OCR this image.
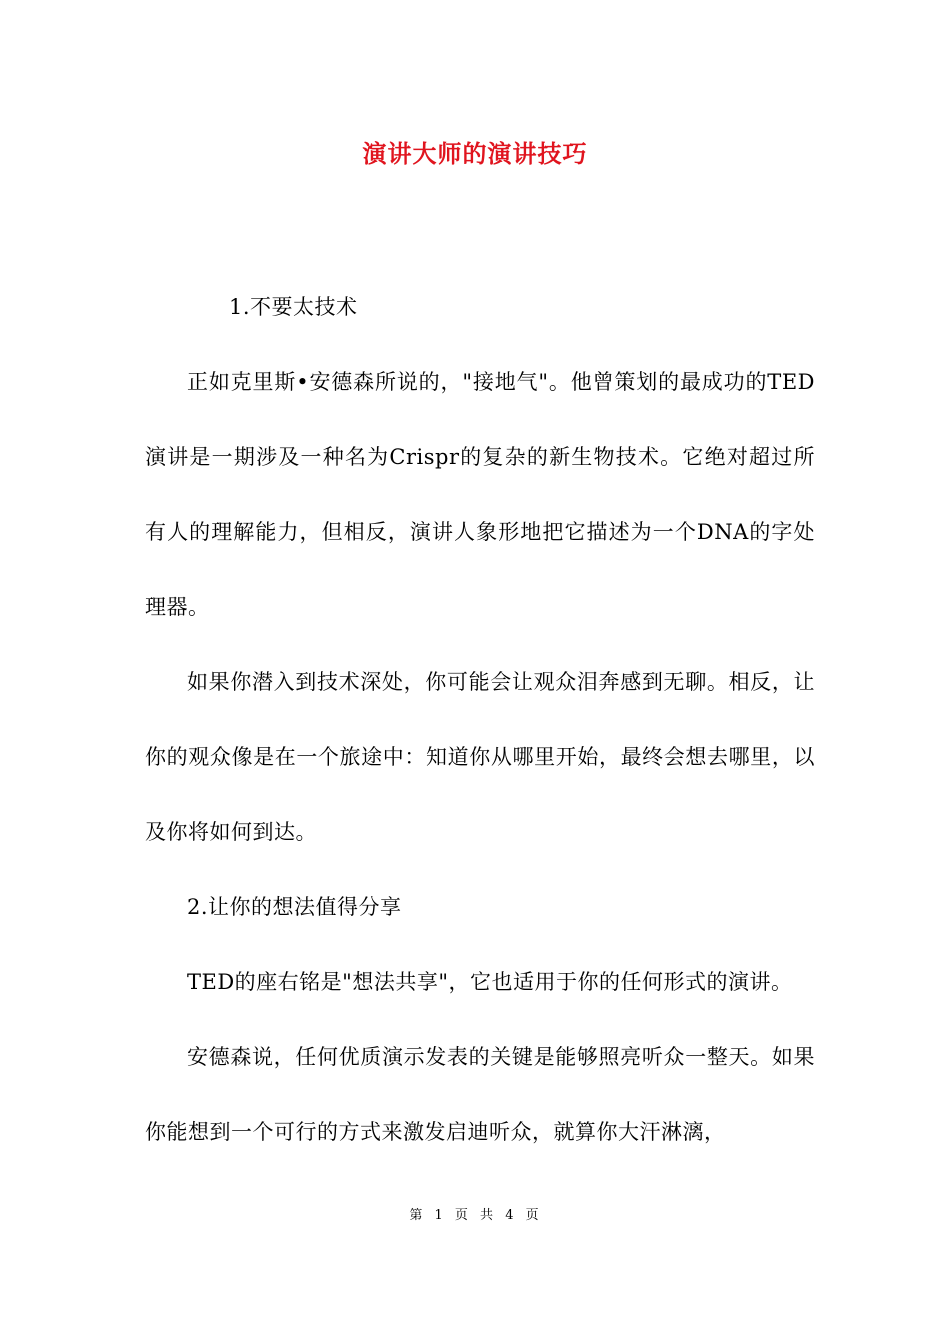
演讲大师的演讲技巧

1.不要太技术

正如克里斯•安德森所说的，"接地气"。他曾策划的最成功的TED演讲是一期涉及一种名为Crispr的复杂的新生物技术。它绝对超过所有人的理解能力，但相反，演讲人象形地把它描述为一个DNA的字处理器。

如果你潜入到技术深处，你可能会让观众泪奔感到无聊。相反，让你的观众像是在一个旅途中：知道你从哪里开始，最终会想去哪里，以及你将如何到达。

2.让你的想法值得分享

TED的座右铭是"想法共享"，它也适用于你的任何形式的演讲。

安德森说，任何优质演示发表的关键是能够照亮听众一整天。如果你能想到一个可行的方式来激发启迪听众，就算你大汗淋漓，

第 1 页 共 4 页
